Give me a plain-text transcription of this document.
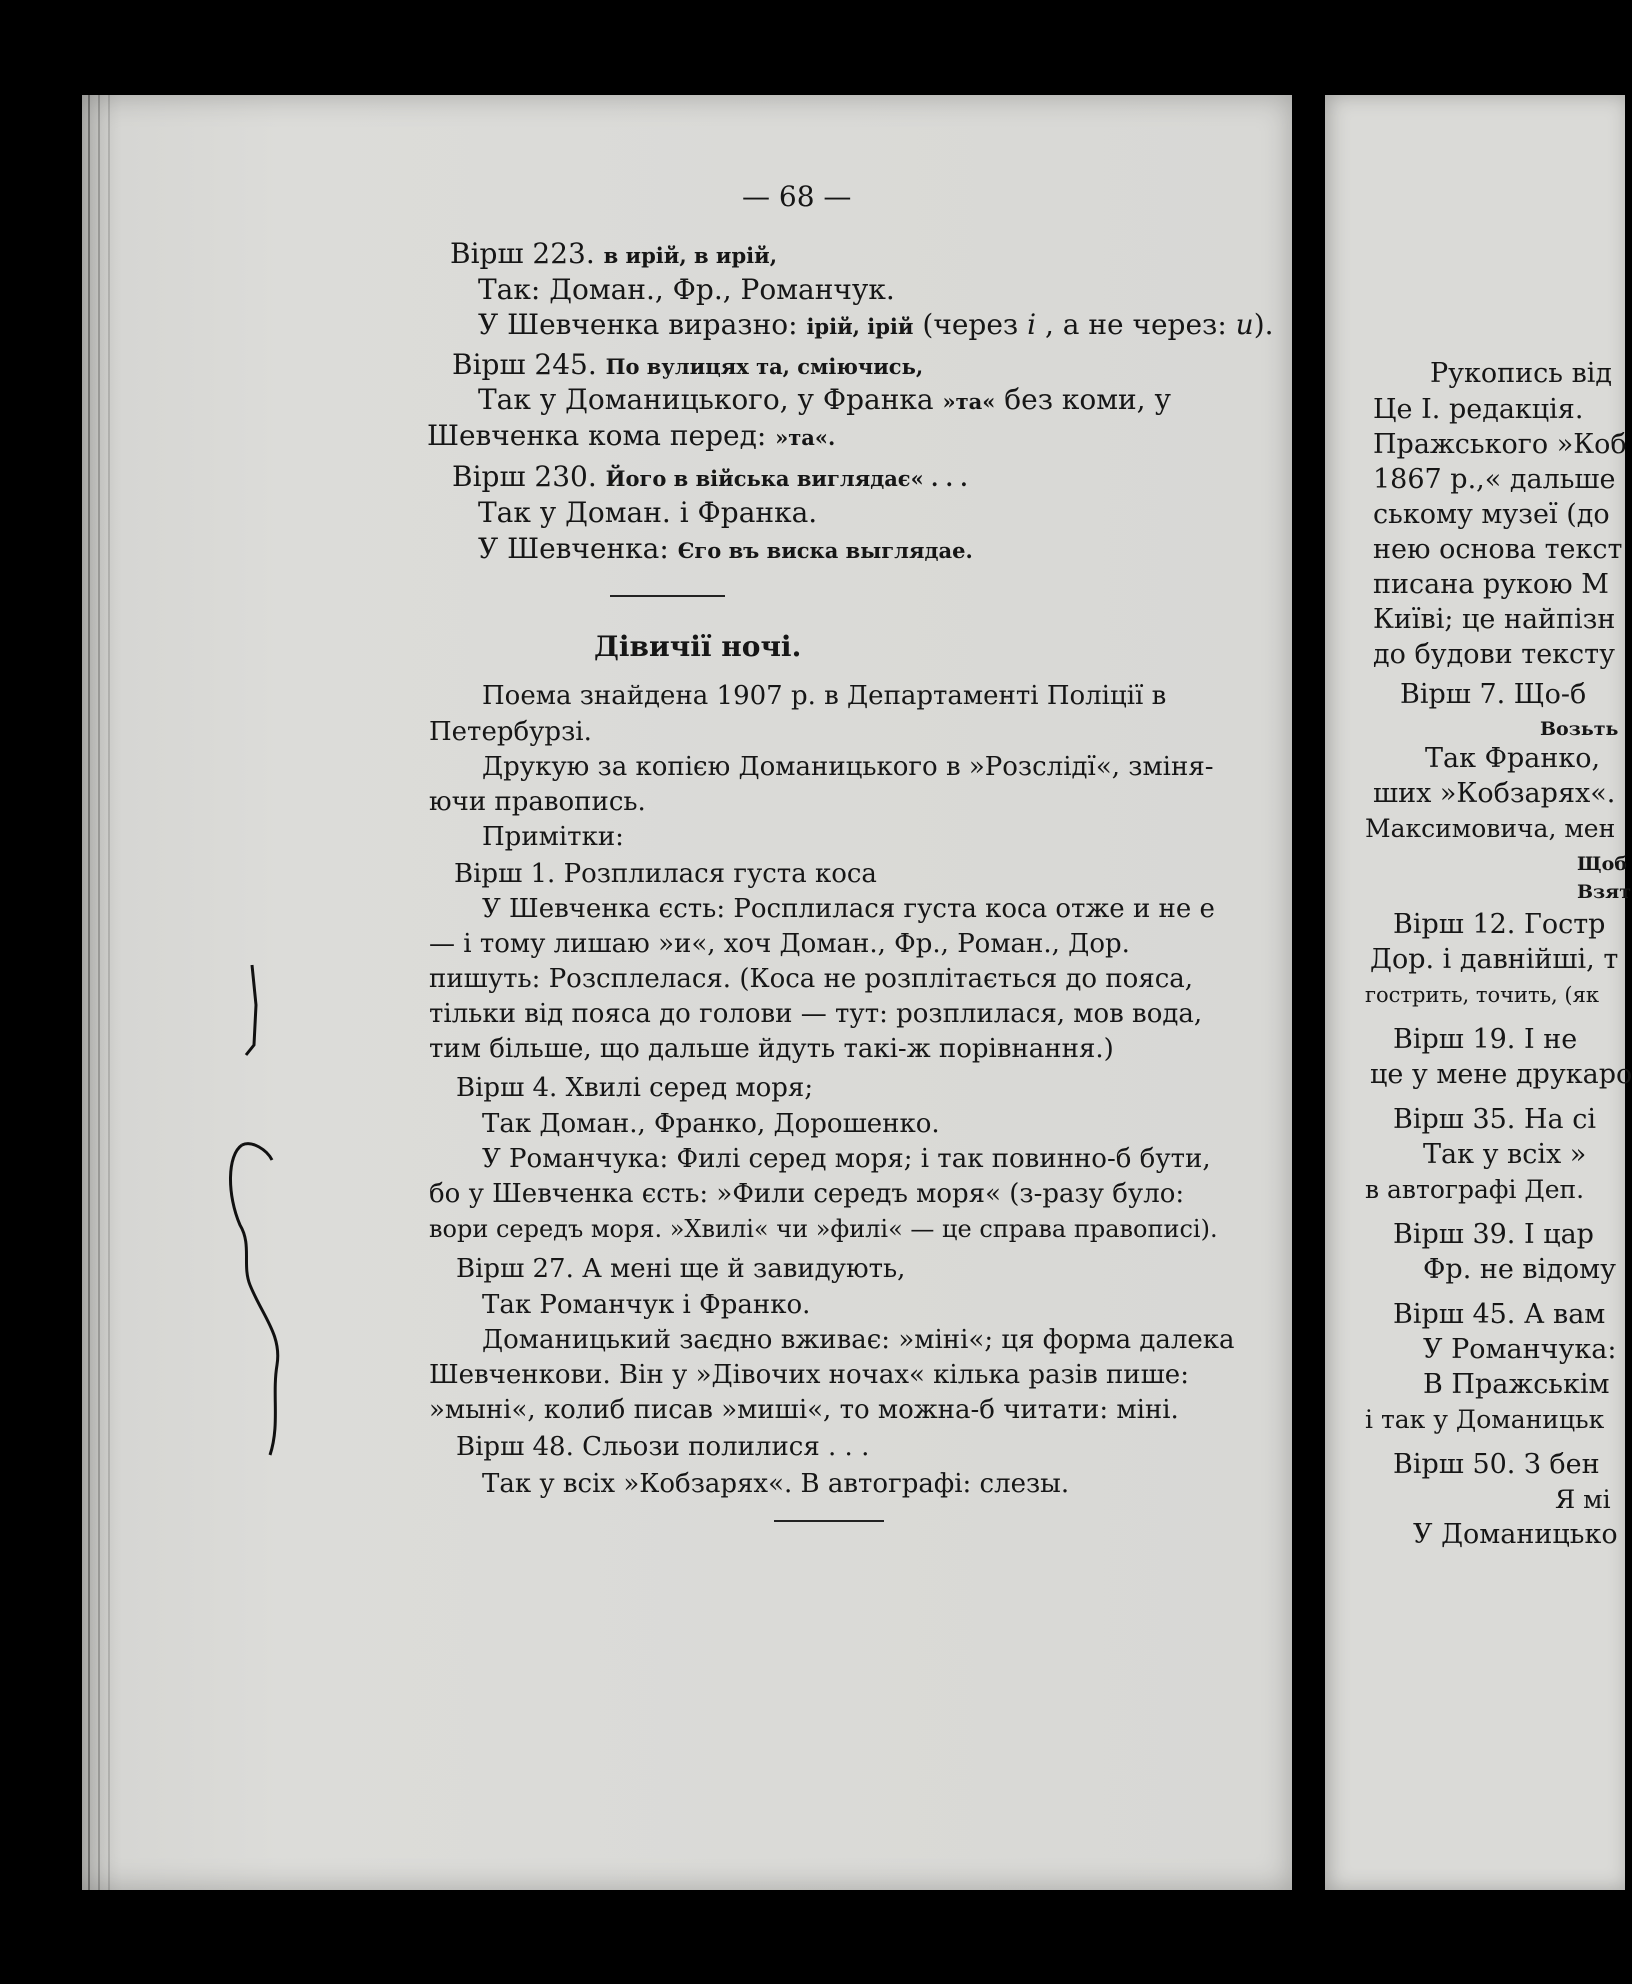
— 68 —
Вірш 223. в ирій, в ирій,
Так: Доман., Фр., Романчук.
У Шевченка виразно: ірій, ірій (через і , а не через: и).
Вірш 245. По вулицях та, сміючись,
Так у Доманицького, у Франка »та« без коми, у
Шевченка кома перед: »та«.
Вірш 230. Його в війська виглядає« . . .
Так у Доман. і Франка.
У Шевченка: Єго въ виска выглядае.
Дівичії ночі.
Поема знайдена 1907 р. в Департаменті Поліції в
Петербурзі.
Друкую за копією Доманицького в »Розслідї«, зміня-
ючи правопись.
Примітки:
Вірш 1. Розплилася густа коса
У Шевченка єсть: Росплилася густа коса отже и не е
— і тому лишаю »и«, хоч Доман., Фр., Роман., Дор.
пишуть: Розсплелася. (Коса не розплітається до пояса,
тільки від пояса до голови — тут: розплилася, мов вода,
тим більше, що дальше йдуть такі-ж порівнання.)
Вірш 4. Хвилі серед моря;
Так Доман., Франко, Дорошенко.
У Романчука: Филі серед моря; і так повинно-б бути,
бо у Шевченка єсть: »Фили середъ моря« (з-разу було:
вори середъ моря. »Хвилі« чи »филі« — це справа правописі).
Вірш 27. А мені ще й завидують,
Так Романчук і Франко.
Доманицький заєдно вживає: »міні«; ця форма далека
Шевченкови. Він у »Дівочих ночах« кілька разів пише:
»мыні«, колиб писав »миші«, то можна-б читати: міні.
Вірш 48. Сльози полилися . . .
Так у всіх »Кобзарях«. В автографі: слезы.
Рукопись від
Це I. редакція.
Пражського »Коб
1867 р.,« дальше
ському музеї (до
нею основа текст
писана рукою М
Київі; це найпізн
до будови тексту
Вірш 7. Що-б
Возьть
Так Франко,
ших »Кобзарях«.
Максимовича, мен
Щоб
Взят
Вірш 12. Гостр
Дор. і давнійші, т
гострить, точить, (як
Вірш 19. І не
це у мене друкаро
Вірш 35. На сі
Так у всіх »
в автографі Деп.
Вірш 39. І цар
Фр. не відому
Вірш 45. А вам
У Романчука:
В Пражськім
і так у Доманицьк
Вірш 50. З бен
Я мі
У Доманицько
